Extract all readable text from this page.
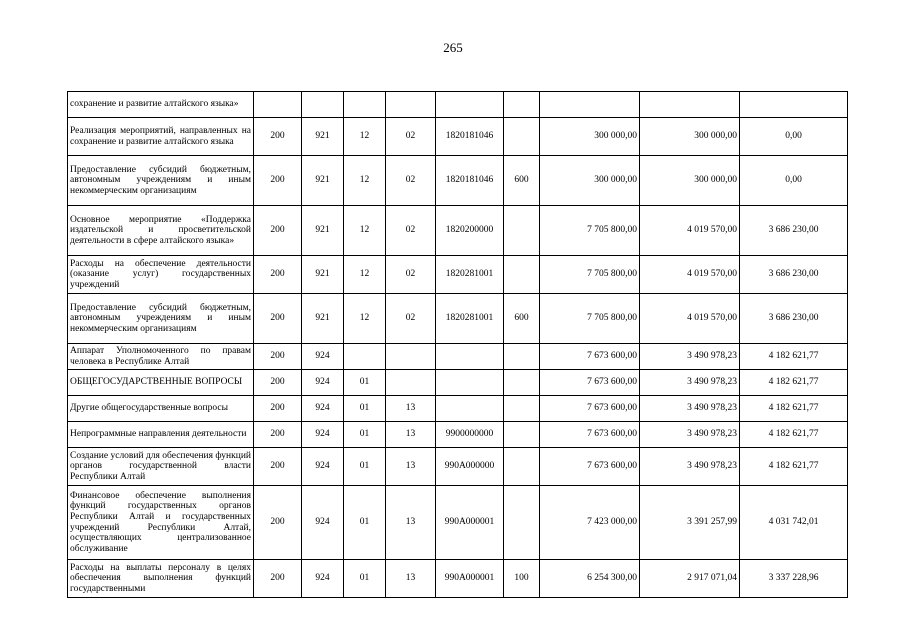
265
сохранение и развитие алтайского языка»									
Реализация мероприятий, направленных на сохранение и развитие алтайского языка	200	921	12	02	1820181046		300 000,00	300 000,00	0,00
Предоставление субсидий бюджетным, автономным учреждениям и иным некоммерческим организациям	200	921	12	02	1820181046	600	300 000,00	300 000,00	0,00
Основное мероприятие «Поддержка издательской и просветительской деятельности в сфере алтайского языка»	200	921	12	02	1820200000		7 705 800,00	4 019 570,00	3 686 230,00
Расходы на обеспечение деятельности (оказание услуг) государственных учреждений	200	921	12	02	1820281001		7 705 800,00	4 019 570,00	3 686 230,00
Предоставление субсидий бюджетным, автономным учреждениям и иным некоммерческим организациям	200	921	12	02	1820281001	600	7 705 800,00	4 019 570,00	3 686 230,00
Аппарат Уполномоченного по правам человека в Республике Алтай	200	924					7 673 600,00	3 490 978,23	4 182 621,77
ОБЩЕГОСУДАРСТВЕННЫЕ ВОПРОСЫ	200	924	01				7 673 600,00	3 490 978,23	4 182 621,77
Другие общегосударственные вопросы	200	924	01	13			7 673 600,00	3 490 978,23	4 182 621,77
Непрограммные направления деятельности	200	924	01	13	9900000000		7 673 600,00	3 490 978,23	4 182 621,77
Создание условий для обеспечения функций органов государственной власти Республики Алтай	200	924	01	13	990А000000		7 673 600,00	3 490 978,23	4 182 621,77
Финансовое обеспечение выполнения функций государственных органов Республики Алтай и государственных учреждений Республики Алтай, осуществляющих централизованное обслуживание	200	924	01	13	990А000001		7 423 000,00	3 391 257,99	4 031 742,01
Расходы на выплаты персоналу в целях обеспечения выполнения функций государственными	200	924	01	13	990А000001	100	6 254 300,00	2 917 071,04	3 337 228,96
